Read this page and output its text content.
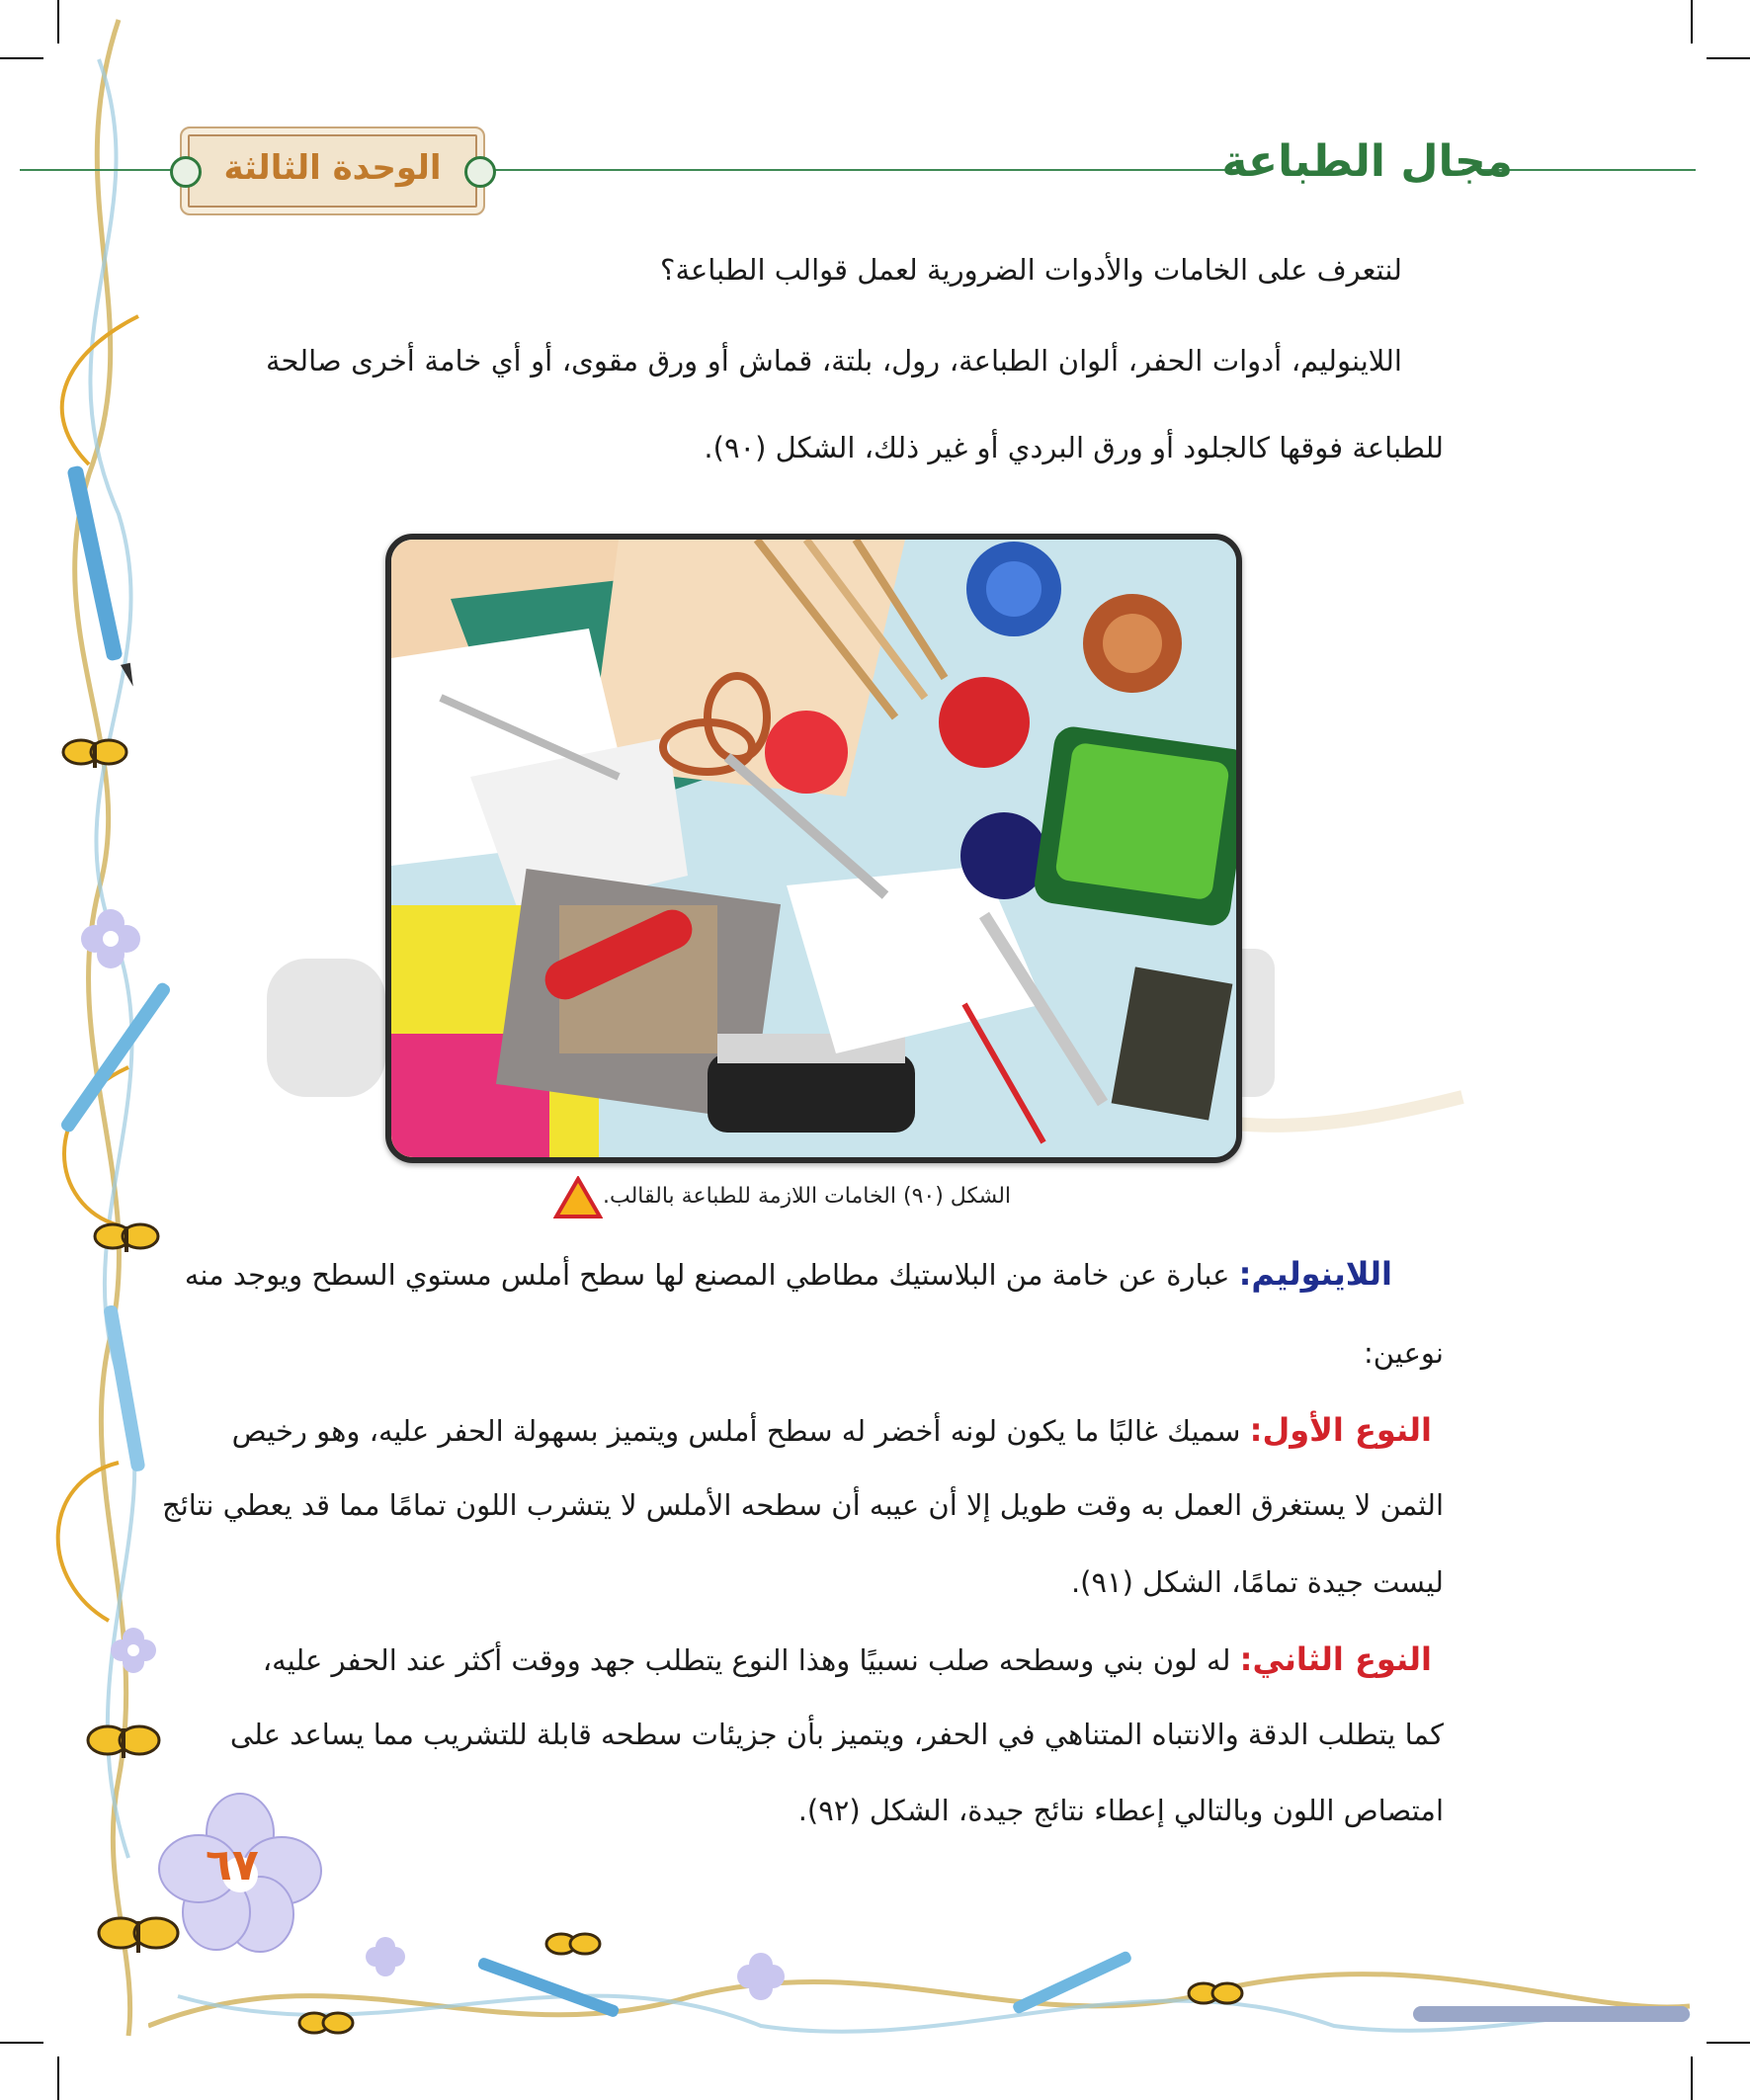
٦٧
مجال الطباعة
الوحدة الثالثة
لنتعرف على الخامات والأدوات الضرورية لعمل قوالب الطباعة؟
اللاينوليم، أدوات الحفر، ألوان الطباعة، رول، بلتة، قماش أو ورق مقوى، أو أي خامة أخرى صالحة
للطباعة فوقها كالجلود أو ورق البردي أو غير ذلك، الشكل (٩٠).
الشكل (٩٠) الخامات اللازمة للطباعة بالقالب.
اللاينوليم: عبارة عن خامة من البلاستيك مطاطي المصنع لها سطح أملس مستوي السطح ويوجد منه
نوعين:
النوع الأول: سميك غالبًا ما يكون لونه أخضر له سطح أملس ويتميز بسهولة الحفر عليه، وهو رخيص
الثمن لا يستغرق العمل به وقت طويل إلا أن عيبه أن سطحه الأملس لا يتشرب اللون تمامًا مما قد يعطي نتائج
ليست جيدة تمامًا، الشكل (٩١).
النوع الثاني: له لون بني وسطحه صلب نسبيًا وهذا النوع يتطلب جهد ووقت أكثر عند الحفر عليه،
كما يتطلب الدقة والانتباه المتناهي في الحفر، ويتميز بأن جزيئات سطحه قابلة للتشريب مما يساعد على
امتصاص اللون وبالتالي إعطاء نتائج جيدة، الشكل (٩٢).
